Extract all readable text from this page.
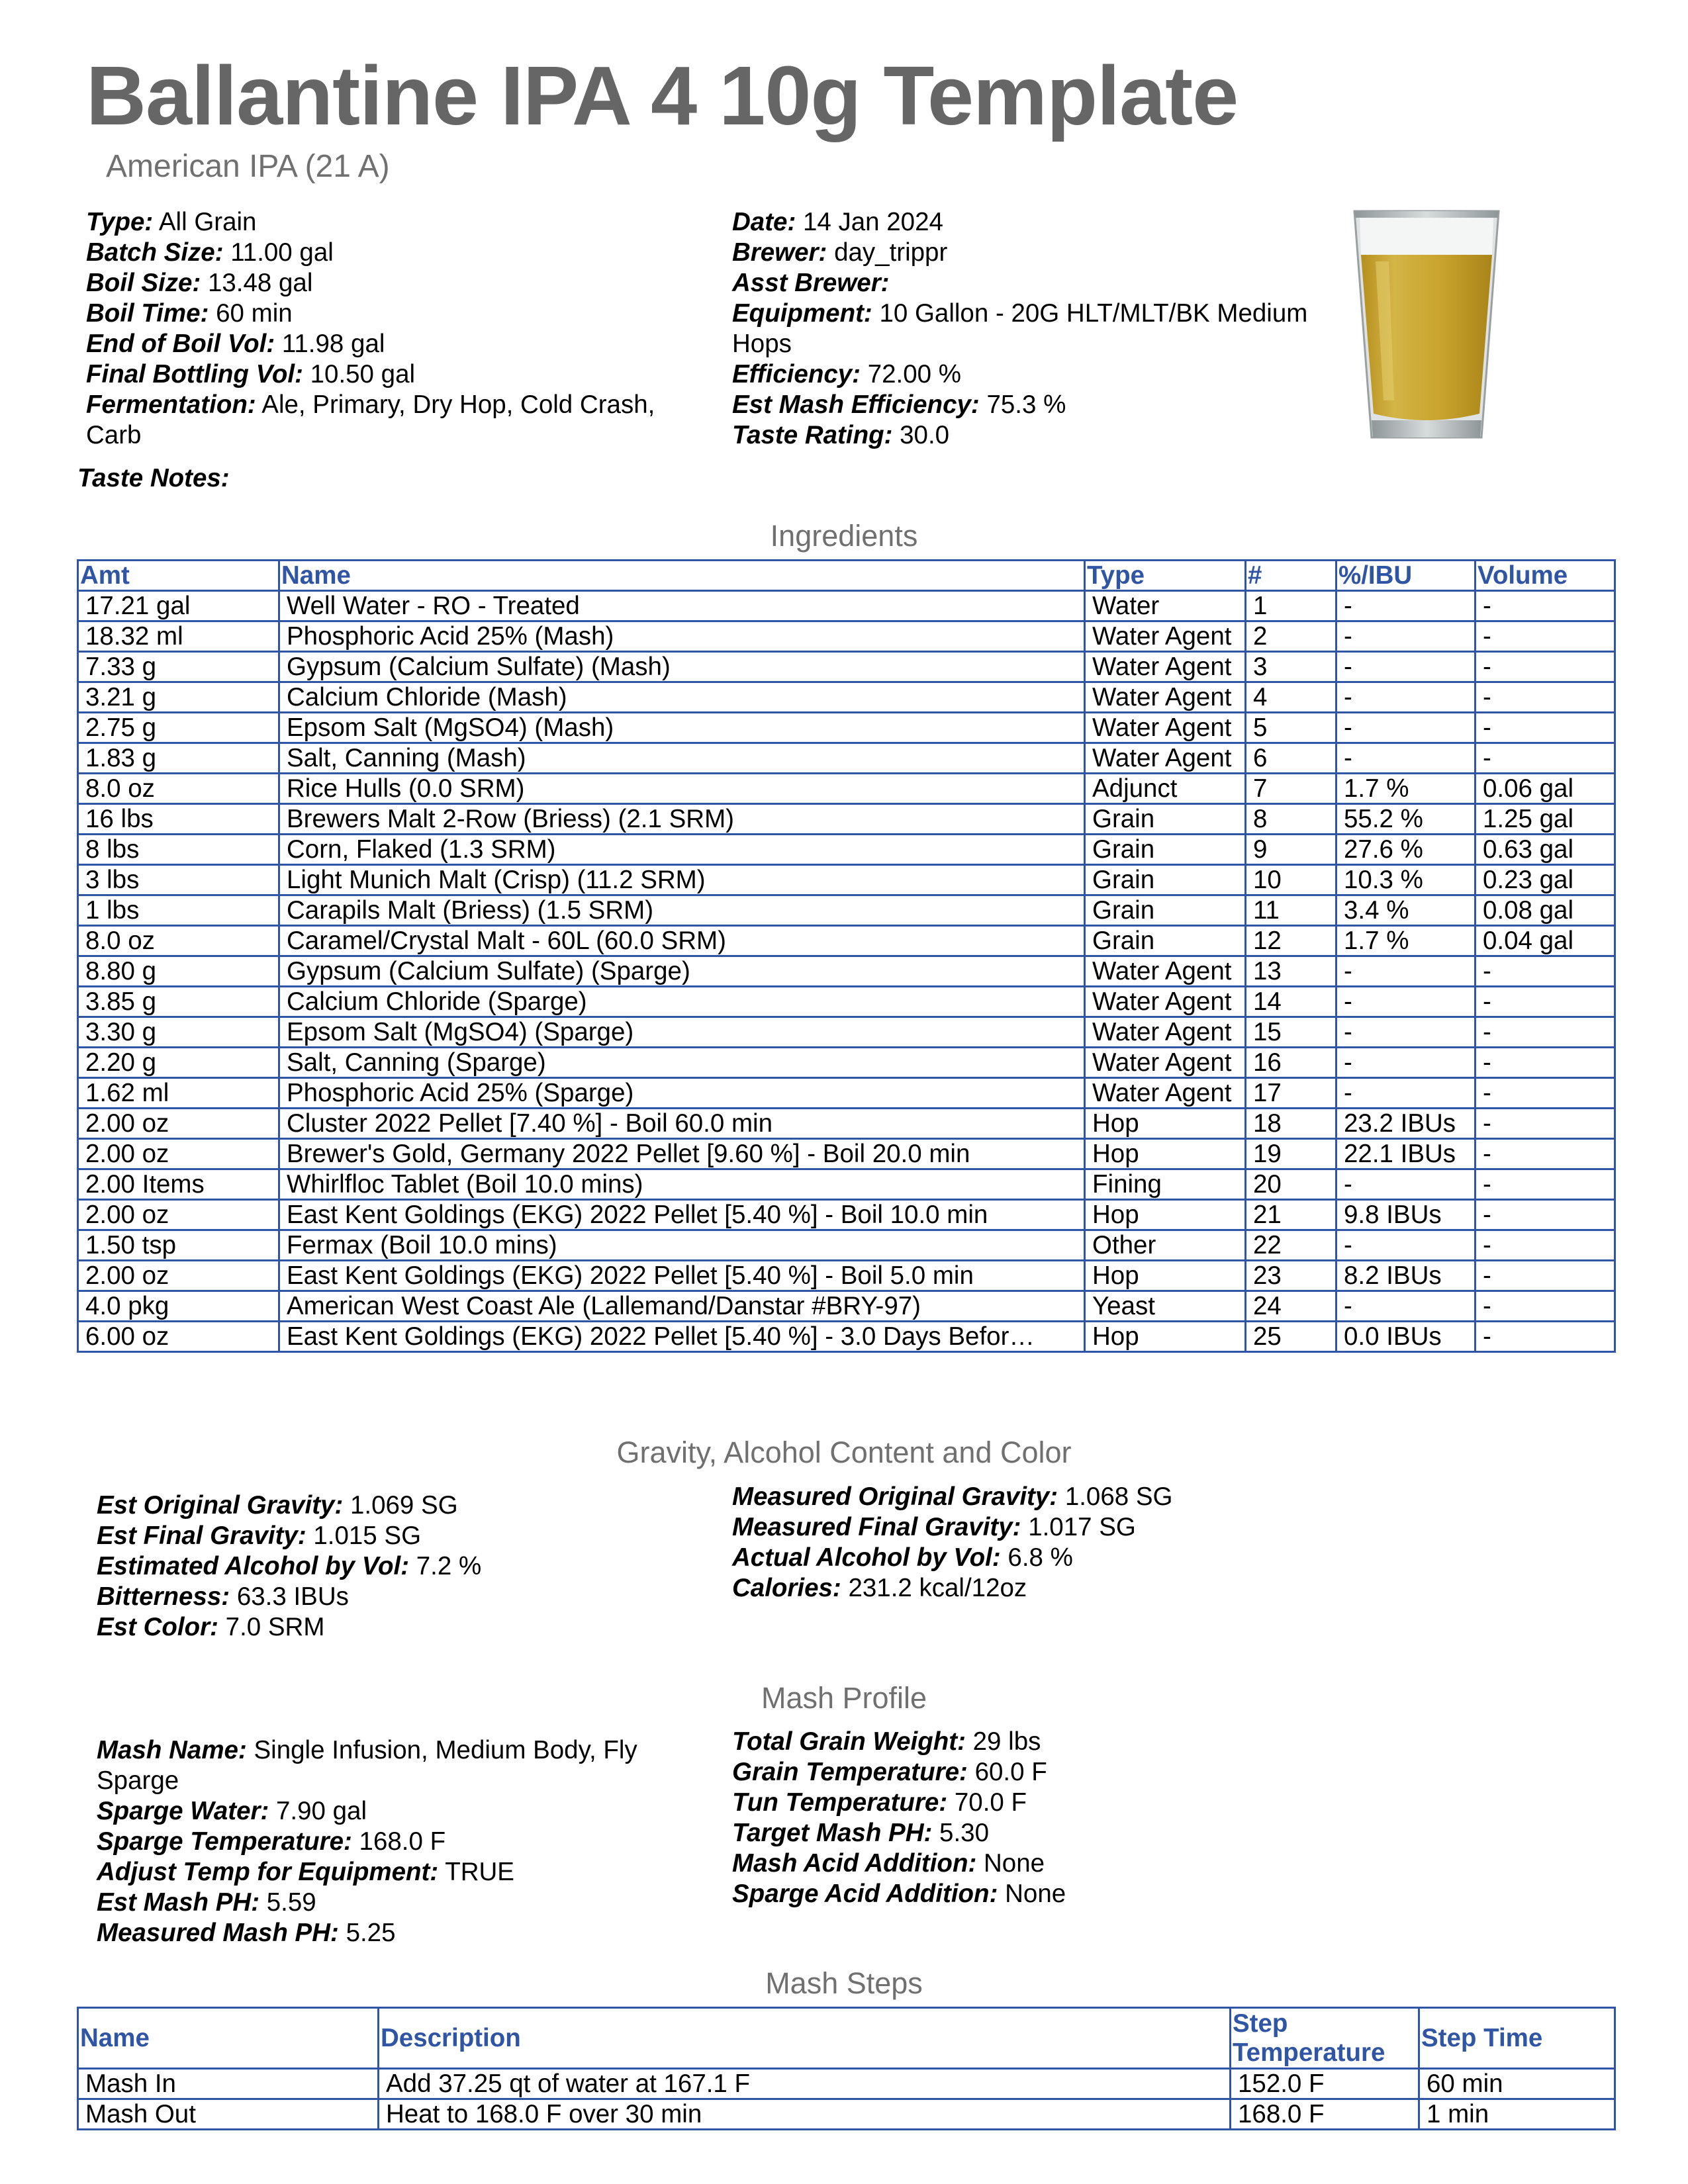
Ballantine IPA 4 10g Template
American IPA (21 A)
Type: All Grain
Batch Size: 11.00 gal
Boil Size: 13.48 gal
Boil Time: 60 min
End of Boil Vol: 11.98 gal
Final Bottling Vol: 10.50 gal
Fermentation: Ale, Primary, Dry Hop, Cold Crash, Carb
Date: 14 Jan 2024
Brewer: day_trippr
Asst Brewer:
Equipment: 10 Gallon - 20G HLT/MLT/BK Medium Hops
Efficiency: 72.00 %
Est Mash Efficiency: 75.3 %
Taste Rating: 30.0
Taste Notes:
Ingredients
Amt	Name	Type	#	%/IBU	Volume
17.21 gal	Well Water - RO - Treated	Water	1	-	-
18.32 ml	Phosphoric Acid 25% (Mash)	Water Agent	2	-	-
7.33 g	Gypsum (Calcium Sulfate) (Mash)	Water Agent	3	-	-
3.21 g	Calcium Chloride (Mash)	Water Agent	4	-	-
2.75 g	Epsom Salt (MgSO4) (Mash)	Water Agent	5	-	-
1.83 g	Salt, Canning (Mash)	Water Agent	6	-	-
8.0 oz	Rice Hulls (0.0 SRM)	Adjunct	7	1.7 %	0.06 gal
16 lbs	Brewers Malt 2-Row (Briess) (2.1 SRM)	Grain	8	55.2 %	1.25 gal
8 lbs	Corn, Flaked (1.3 SRM)	Grain	9	27.6 %	0.63 gal
3 lbs	Light Munich Malt (Crisp) (11.2 SRM)	Grain	10	10.3 %	0.23 gal
1 lbs	Carapils Malt (Briess) (1.5 SRM)	Grain	11	3.4 %	0.08 gal
8.0 oz	Caramel/Crystal Malt - 60L (60.0 SRM)	Grain	12	1.7 %	0.04 gal
8.80 g	Gypsum (Calcium Sulfate) (Sparge)	Water Agent	13	-	-
3.85 g	Calcium Chloride (Sparge)	Water Agent	14	-	-
3.30 g	Epsom Salt (MgSO4) (Sparge)	Water Agent	15	-	-
2.20 g	Salt, Canning (Sparge)	Water Agent	16	-	-
1.62 ml	Phosphoric Acid 25% (Sparge)	Water Agent	17	-	-
2.00 oz	Cluster 2022 Pellet [7.40 %] - Boil 60.0 min	Hop	18	23.2 IBUs	-
2.00 oz	Brewer's Gold, Germany 2022 Pellet [9.60 %] - Boil 20.0 min	Hop	19	22.1 IBUs	-
2.00 Items	Whirlfloc Tablet (Boil 10.0 mins)	Fining	20	-	-
2.00 oz	East Kent Goldings (EKG) 2022 Pellet [5.40 %] - Boil 10.0 min	Hop	21	9.8 IBUs	-
1.50 tsp	Fermax (Boil 10.0 mins)	Other	22	-	-
2.00 oz	East Kent Goldings (EKG) 2022 Pellet [5.40 %] - Boil 5.0 min	Hop	23	8.2 IBUs	-
4.0 pkg	American West Coast Ale (Lallemand/Danstar #BRY-97)	Yeast	24	-	-
6.00 oz	East Kent Goldings (EKG) 2022 Pellet [5.40 %] - 3.0 Days Befor…	Hop	25	0.0 IBUs	-
Gravity, Alcohol Content and Color
Est Original Gravity: 1.069 SG
Est Final Gravity: 1.015 SG
Estimated Alcohol by Vol: 7.2 %
Bitterness: 63.3 IBUs
Est Color: 7.0 SRM
Measured Original Gravity: 1.068 SG
Measured Final Gravity: 1.017 SG
Actual Alcohol by Vol: 6.8 %
Calories: 231.2 kcal/12oz
Mash Profile
Mash Name: Single Infusion, Medium Body, Fly Sparge
Sparge Water: 7.90 gal
Sparge Temperature: 168.0 F
Adjust Temp for Equipment: TRUE
Est Mash PH: 5.59
Measured Mash PH: 5.25
Total Grain Weight: 29 lbs
Grain Temperature: 60.0 F
Tun Temperature: 70.0 F
Target Mash PH: 5.30
Mash Acid Addition: None
Sparge Acid Addition: None
Mash Steps
Name	Description	Step Temperature	Step Time
Mash In	Add 37.25 qt of water at 167.1 F	152.0 F	60 min
Mash Out	Heat to 168.0 F over 30 min	168.0 F	1 min
